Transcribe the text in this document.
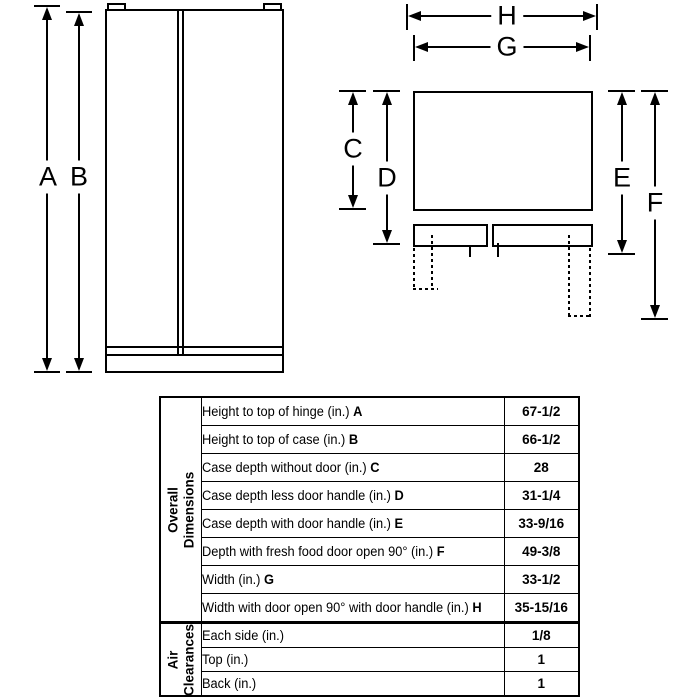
A B
H
G
C
D	E
F
Overall
Dimensions	Height to top of hinge (in.) A	67-1/2
	Height to top of case (in.) B	66-1/2
	Case depth without door (in.) C	28
	Case depth less door handle (in.) D	31-1/4
	Case depth with door handle (in.) E	33-9/16
	Depth with fresh food door open 90° (in.) F	49-3/8
	Width (in.) G	33-1/2
	Width with door open 90° with door handle (in.) H	35-15/16

Air
Clearances	Each side (in.)	1/8
	Top (in.)	1
	Back (in.)	1
